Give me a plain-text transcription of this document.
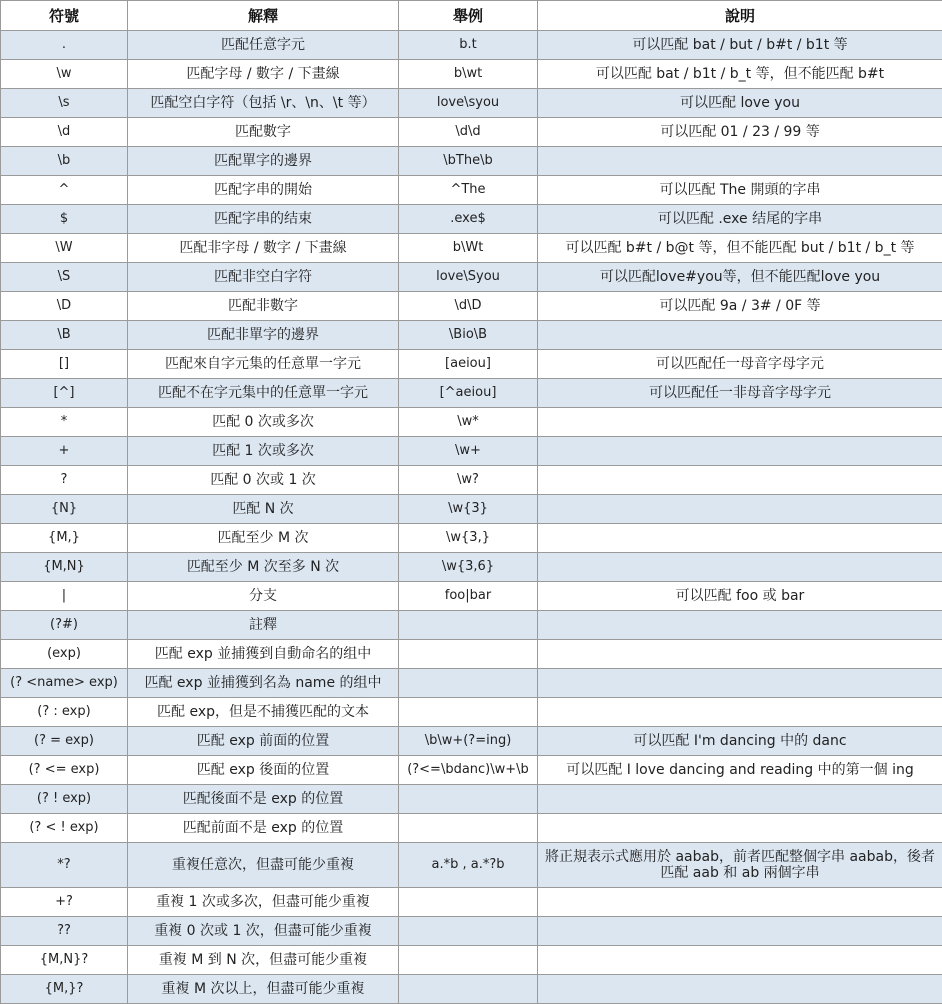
符號	解釋	舉例	說明
.	匹配任意字元	b.t	可以匹配 bat / but / b#t / b1t 等
\w	匹配字母 / 數字 / 下畫線	b\wt	可以匹配 bat / b1t / b_t 等，但不能匹配 b#t
\s	匹配空白字符（包括 \r、\n、\t 等）	love\syou	可以匹配 love you
\d	匹配數字	\d\d	可以匹配 01 / 23 / 99 等
\b	匹配單字的邊界	\bThe\b	
^	匹配字串的開始	^The	可以匹配 The 開頭的字串
$	匹配字串的结束	.exe$	可以匹配 .exe 结尾的字串
\W	匹配非字母 / 數字 / 下畫線	b\Wt	可以匹配 b#t / b@t 等，但不能匹配 but / b1t / b_t 等
\S	匹配非空白字符	love\Syou	可以匹配love#you等，但不能匹配love you
\D	匹配非數字	\d\D	可以匹配 9a / 3# / 0F 等
\B	匹配非單字的邊界	\Bio\B	
[]	匹配來自字元集的任意單一字元	[aeiou]	可以匹配任一母音字母字元
[^]	匹配不在字元集中的任意單一字元	[^aeiou]	可以匹配任一非母音字母字元
*	匹配 0 次或多次	\w*	
+	匹配 1 次或多次	\w+	
?	匹配 0 次或 1 次	\w?	
{N}	匹配 N 次	\w{3}	
{M,}	匹配至少 M 次	\w{3,}	
{M,N}	匹配至少 M 次至多 N 次	\w{3,6}	
|	分支	foo|bar	可以匹配 foo 或 bar
(?#)	註釋		
(exp)	匹配 exp 並捕獲到自動命名的组中		
(? <name> exp)	匹配 exp 並捕獲到名為 name 的组中		
(? : exp)	匹配 exp，但是不捕獲匹配的文本		
(? = exp)	匹配 exp 前面的位置	\b\w+(?=ing)	可以匹配 I'm dancing 中的 danc
(? <= exp)	匹配 exp 後面的位置	(?<=\bdanc)\w+\b	可以匹配 I love dancing and reading 中的第一個 ing
(? ! exp)	匹配後面不是 exp 的位置		
(? < ! exp)	匹配前面不是 exp 的位置		
*?	重複任意次，但盡可能少重複	a.*b , a.*?b	將正規表示式應用於 aabab，前者匹配整個字串 aabab，後者匹配 aab 和 ab 兩個字串
+?	重複 1 次或多次，但盡可能少重複		
??	重複 0 次或 1 次，但盡可能少重複		
{M,N}?	重複 M 到 N 次，但盡可能少重複		
{M,}?	重複 M 次以上，但盡可能少重複		
